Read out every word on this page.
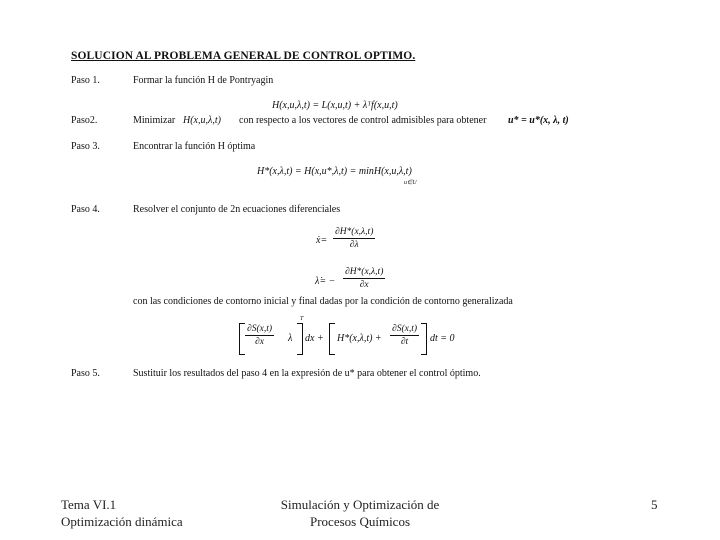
SOLUCION AL PROBLEMA GENERAL DE CONTROL OPTIMO.
Paso 1.	Formar la función H de Pontryagin
H(x,u,λ,t) = L(x,u,t) + λᵀf(x,u,t)
Paso2.	Minimizar H(x,u,λ,t) con respecto a los vectores de control admisibles para obtener u* = u*(x, λ, t)
Paso 3.	Encontrar la función H óptima
H*(x,λ,t) = H(x,u*,λ,t) = minH(x,u,λ,t)
u∈U
Paso 4.	Resolver el conjunto de 2n ecuaciones diferenciales
ẋ= $\frac{\partial H*(x,\lambda,t)}{\partial\lambda}$
λ̇= − $\frac{\partial H*(x,\lambda,t)}{\partial x}$
con las condiciones de contorno inicial y final dadas por la condición de contorno generalizada
$\frac{\partial S(x,t)}{\partial x}$ λ
T
dx + $H*(x,\lambda,t) + \frac{\partial S(x,t)}{\partial t}$ dt = 0
Paso 5.	Sustituir los resultados del paso 4 en la expresión de u* para obtener el control óptimo.
Tema VI.1
Optimización dinámica
Simulación y Optimización de
Procesos Químicos
5
